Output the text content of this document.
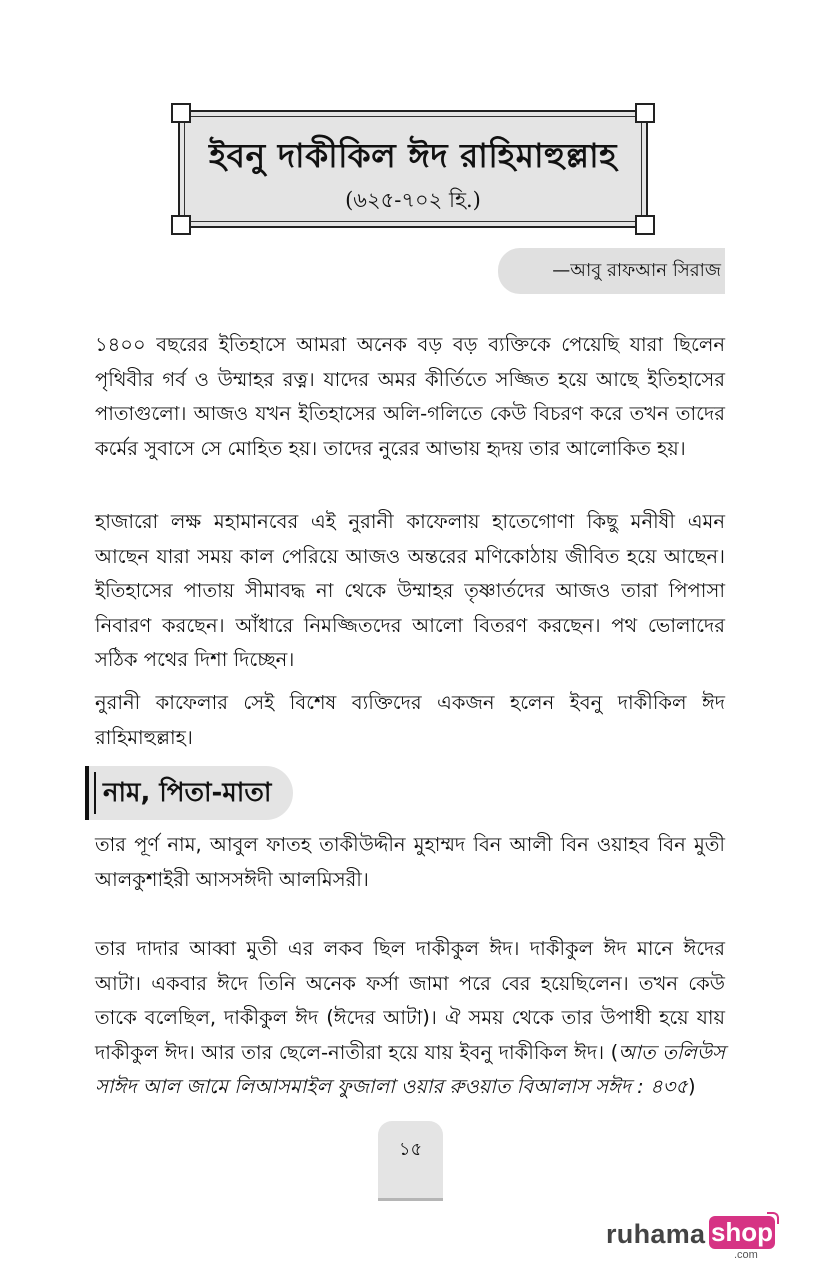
ইবনু দাকীকিল ঈদ রাহিমাহুল্লাহ
(৬২৫-৭০২ হি.)
—আবু রাফআন সিরাজ

১৪০০ বছরের ইতিহাসে আমরা অনেক বড় বড় ব্যক্তিকে পেয়েছি যারা ছিলেন পৃথিবীর গর্ব ও উম্মাহর রত্ন। যাদের অমর কীর্তিতে সজ্জিত হয়ে আছে ইতিহাসের পাতাগুলো। আজও যখন ইতিহাসের অলি-গলিতে কেউ বিচরণ করে তখন তাদের কর্মের সুবাসে সে মোহিত হয়। তাদের নুরের আভায় হৃদয় তার আলোকিত হয়।

হাজারো লক্ষ মহামানবের এই নুরানী কাফেলায় হাতেগোণা কিছু মনীষী এমন আছেন যারা সময় কাল পেরিয়ে আজও অন্তরের মণিকোঠায় জীবিত হয়ে আছেন। ইতিহাসের পাতায় সীমাবদ্ধ না থেকে উম্মাহর তৃষ্ণার্তদের আজও তারা পিপাসা নিবারণ করছেন। আঁধারে নিমজ্জিতদের আলো বিতরণ করছেন। পথ ভোলাদের সঠিক পথের দিশা দিচ্ছেন।

নুরানী কাফেলার সেই বিশেষ ব্যক্তিদের একজন হলেন ইবনু দাকীকিল ঈদ রাহিমাহুল্লাহ।

নাম, পিতা-মাতা

তার পূর্ণ নাম, আবুল ফাতহ তাকীউদ্দীন মুহাম্মদ বিন আলী বিন ওয়াহব বিন মুতী আলকুশাইরী আসসঈদী আলমিসরী।

তার দাদার আব্বা মুতী এর লকব ছিল দাকীকুল ঈদ। দাকীকুল ঈদ মানে ঈদের আটা। একবার ঈদে তিনি অনেক ফর্সা জামা পরে বের হয়েছিলেন। তখন কেউ তাকে বলেছিল, দাকীকুল ঈদ (ঈদের আটা)। ঐ সময় থেকে তার উপাধী হয়ে যায় দাকীকুল ঈদ। আর তার ছেলে-নাতীরা হয়ে যায় ইবনু দাকীকিল ঈদ। (আত তলিউস সাঈদ আল জামে লিআসমাইল ফুজালা ওয়ার রুওয়াত বিআলাস সঈদ : ৪৩৫)

১৫
ruhama shop
.com
